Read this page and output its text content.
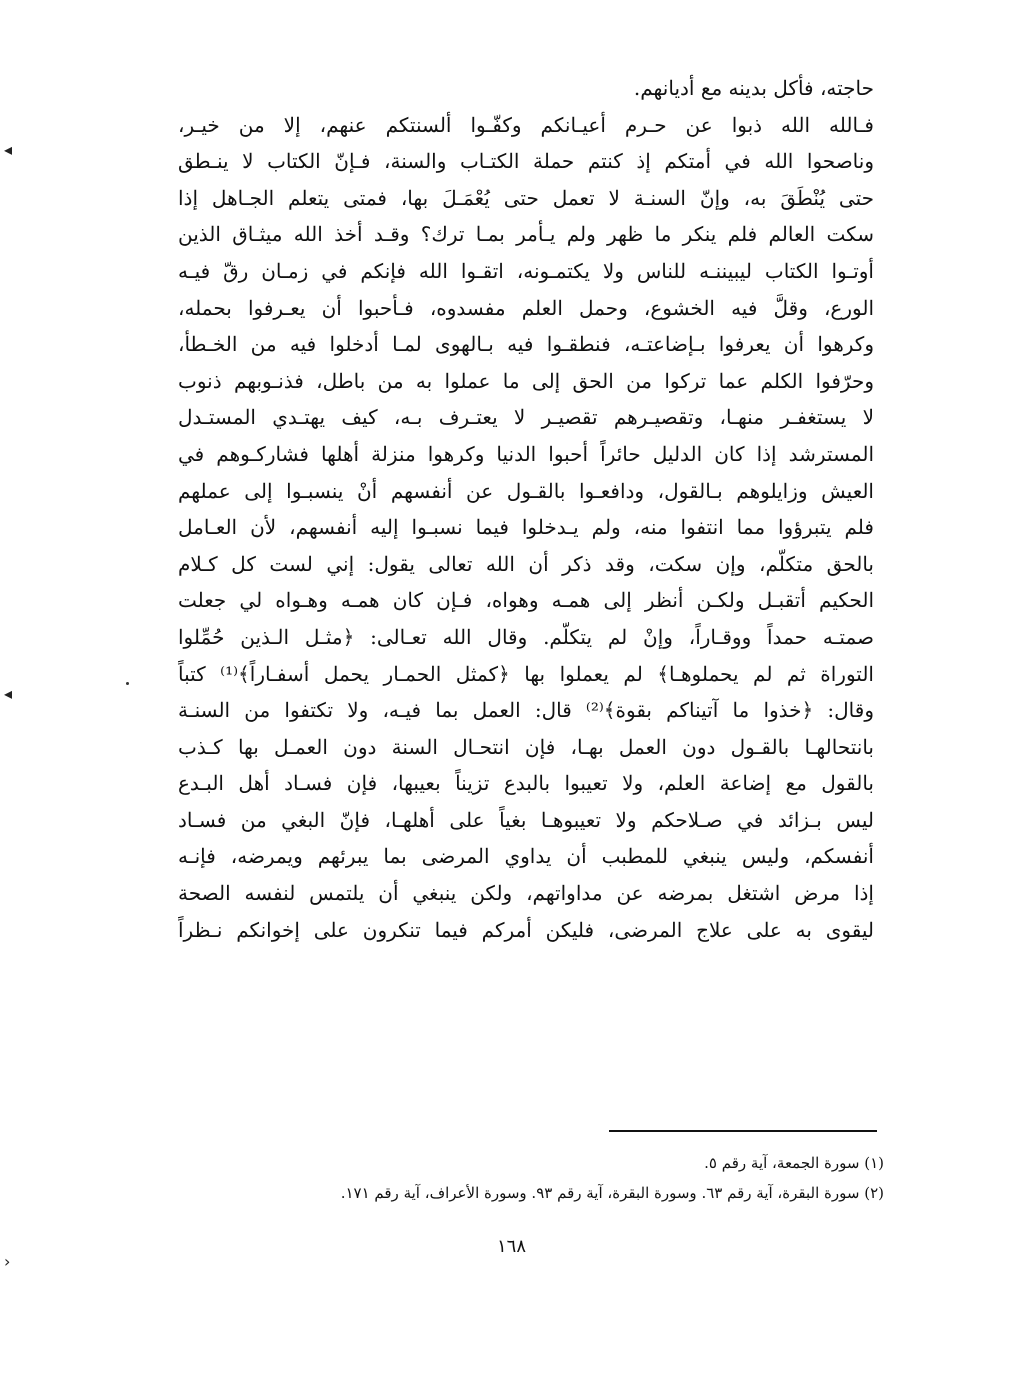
حاجته، فأكل بدينه مع أديانهم.
فـالله الله ذبوا عن حـرم أعيـانكم وكفّـوا ألسنتكم عنهم، إلا من خيـر،
وناصحوا الله في أمتكم إذ كنتم حملة الكتـاب والسنة، فـإنّ الكتاب لا ينـطق
حتى يُنْطَقَ به، وإنّ السنـة لا تعمل حتى يُعْمَـلَ بها، فمتى يتعلم الجـاهل إذا
سكت العالم فلم ينكر ما ظهر ولم يـأمر بمـا ترك؟ وقـد أخذ الله ميثـاق الذين
أوتـوا الكتاب ليبيننـه للناس ولا يكتمـونه، اتقـوا الله فإنكم في زمـان رقّ فيـه
الورع، وقلَّ فيه الخشوع، وحمل العلم مفسدوه، فـأحبوا أن يعـرفوا بحمله،
وكرهوا أن يعرفوا بـإضاعتـه، فنطقـوا فيه بـالهوى لمـا أدخلوا فيه من الخـطأ،
وحرّفوا الكلم عما تركوا من الحق إلى ما عملوا به من باطل، فذنـوبهم ذنوب
لا يستغفـر منهـا، وتقصيـرهم تقصيـر لا يعتـرف بـه، كيف يهتـدي المستـدل
المسترشد إذا كان الدليل حائراً أحبوا الدنيا وكرهوا منزلة أهلها فشاركـوهم في
العيش وزايلوهم بـالقول، ودافعـوا بالقـول عن أنفسهم أنْ ينسبـوا إلى عملهم
فلم يتبرؤوا مما انتفوا منه، ولم يـدخلوا فيما نسبـوا إليه أنفسهم، لأن العـامل
بالحق متكلّم، وإن سكت، وقد ذكر أن الله تعالى يقول: إني لست كل كـلام
الحكيم أتقبـل ولكـن أنظر إلى همـه وهواه، فـإن كان همـه وهـواه لي جعلت
صمتـه حمداً ووقـاراً، وإنْ لم يتكلّم. وقال الله تعـالى: ﴿مثـل الـذين حُمِّلوا
التوراة ثم لم يحملوهـا﴾ لم يعملوا بها ﴿كمثل الحمـار يحمل أسفـاراً﴾⁽¹⁾ كتباً
وقال: ﴿خذوا ما آتيناكم بقوة﴾⁽²⁾ قال: العمل بما فيـه، ولا تكتفوا من السنـة
بانتحالهـا بالقـول دون العمل بهـا، فإن انتحـال السنة دون العمـل بها كـذب
بالقول مع إضاعة العلم، ولا تعيبوا بالبدع تزيناً بعيبها، فإن فسـاد أهل البـدع
ليس بـزائد في صـلاحكم ولا تعيبوهـا بغياً على أهلهـا، فإنّ البغي من فسـاد
أنفسكم، وليس ينبغي للمطبب أن يداوي المرضى بما يبرئهم ويمرضه، فإنـه
إذا مرض اشتغل بمرضه عن مداواتهم، ولكن ينبغي أن يلتمس لنفسه الصحة
ليقوى به على علاج المرضى، فليكن أمركم فيما تنكرون على إخوانكم نـظراً
(١) سورة الجمعة، آية رقم ٥.
(٢) سورة البقرة، آية رقم ٦٣. وسورة البقرة، آية رقم ٩٣. وسورة الأعراف، آية رقم ١٧١.
١٦٨
◂
◂
‹
